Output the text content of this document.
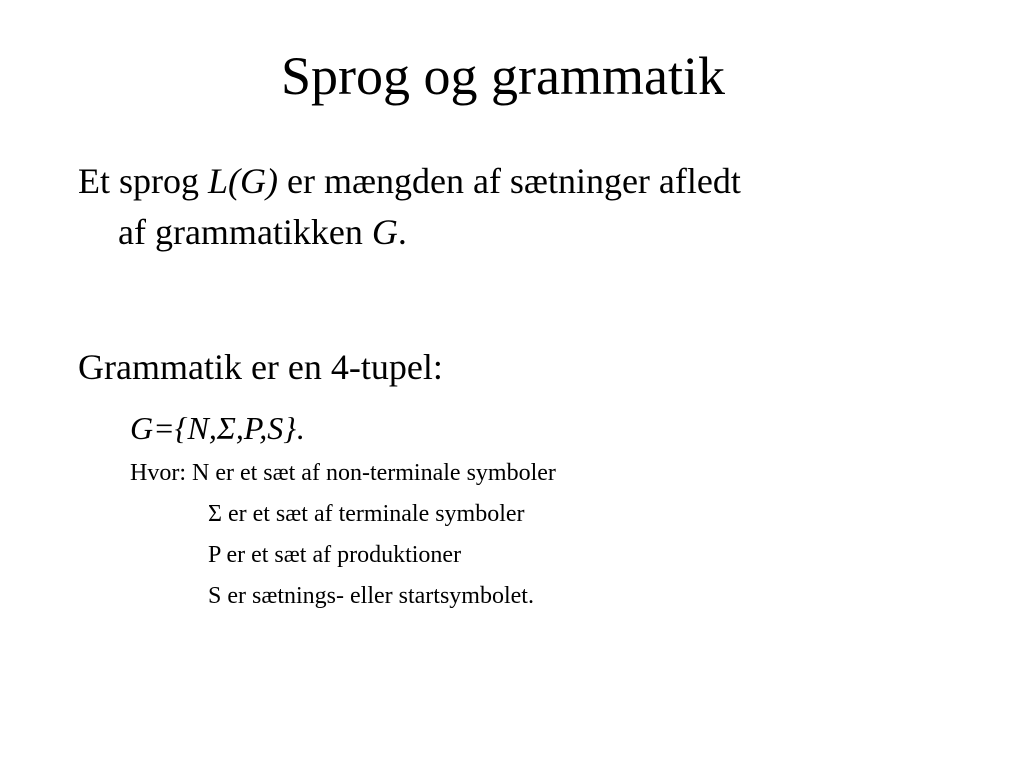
Sprog og grammatik
Et sprog L(G) er mængden af sætninger afledt
af grammatikken G.
Grammatik er en 4-tupel:
G={N,Σ,P,S}.
Hvor: N er et sæt af non-terminale symboler
Σ er et sæt af terminale symboler
P er et sæt af produktioner
S er sætnings- eller startsymbolet.
